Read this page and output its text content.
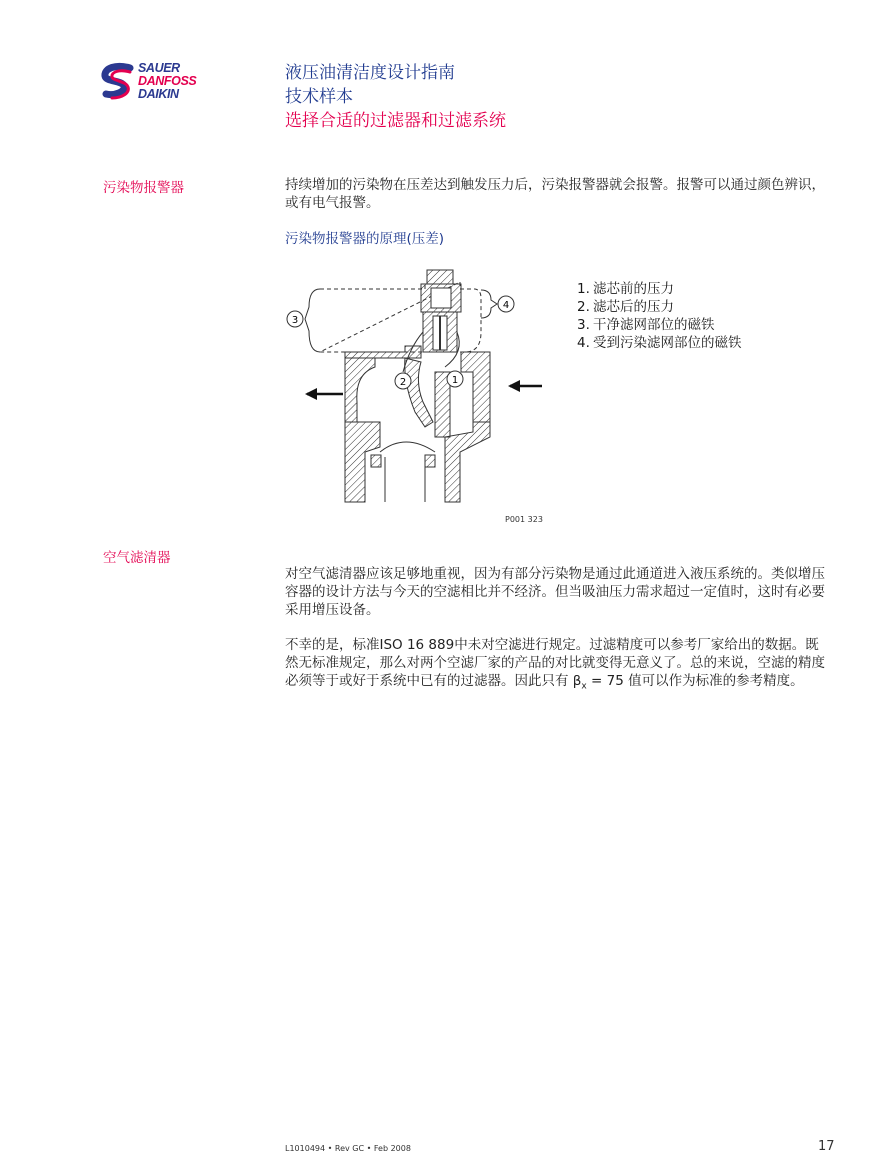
SAUER
DANFOSS
DAIKIN
液压油清洁度设计指南
技术样本
选择合适的过滤器和过滤系统
污染物报警器	持续增加的污染物在压差达到触发压力后，污染报警器就会报警。报警可以通过颜色辨识，或有电气报警。
污染物报警器的原理(压差)
3
4
2	1
1. 滤芯前的压力
2. 滤芯后的压力
3. 干净滤网部位的磁铁
4. 受到污染滤网部位的磁铁
P001 323
空气滤清器
对空气滤清器应该足够地重视，因为有部分污染物是通过此通道进入液压系统的。类似增压容器的设计方法与今天的空滤相比并不经济。但当吸油压力需求超过一定值时，这时有必要采用增压设备。
不幸的是，标准ISO 16 889中未对空滤进行规定。过滤精度可以参考厂家给出的数据。既然无标准规定，那么对两个空滤厂家的产品的对比就变得无意义了。总的来说，空滤的精度必须等于或好于系统中已有的过滤器。因此只有 $\beta_x = 75$ 值可以作为标准的参考精度。
L1010494 • Rev GC • Feb 2008	17
